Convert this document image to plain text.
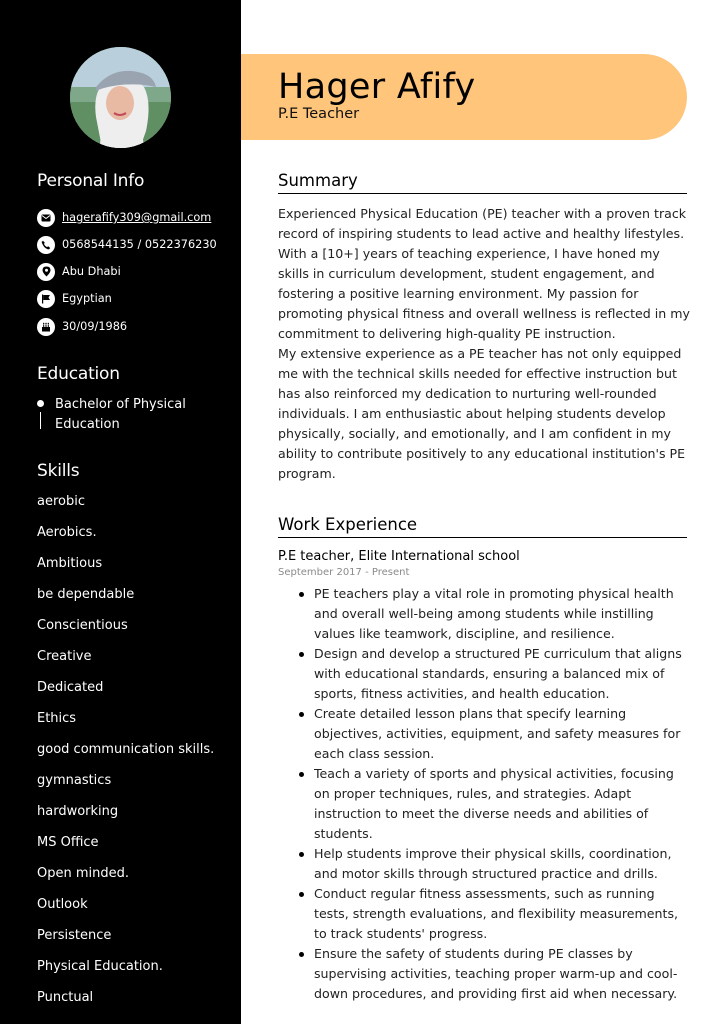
Personal Info
hagerafify309@gmail.com
0568544135 / 0522376230
Abu Dhabi
Egyptian
30/09/1986
Education
Bachelor of Physical Education
Skills
aerobic
Aerobics.
Ambitious
be dependable
Conscientious
Creative
Dedicated
Ethics
good communication skills.
gymnastics
hardworking
MS Office
Open minded.
Outlook
Persistence
Physical Education.
Punctual
Hager Afify
P.E Teacher
Summary

Experienced Physical Education (PE) teacher with a proven track record of inspiring students to lead active and healthy lifestyles. With a [10+] years of teaching experience, I have honed my skills in curriculum development, student engagement, and fostering a positive learning environment. My passion for promoting physical fitness and overall wellness is reflected in my commitment to delivering high-quality PE instruction.

My extensive experience as a PE teacher has not only equipped me with the technical skills needed for effective instruction but has also reinforced my dedication to nurturing well-rounded individuals. I am enthusiastic about helping students develop physically, socially, and emotionally, and I am confident in my ability to contribute positively to any educational institution's PE program.

Work Experience
P.E teacher, Elite International school
September 2017 - Present
PE teachers play a vital role in promoting physical health and overall well-being among students while instilling values like teamwork, discipline, and resilience.
Design and develop a structured PE curriculum that aligns with educational standards, ensuring a balanced mix of sports, fitness activities, and health education.
Create detailed lesson plans that specify learning objectives, activities, equipment, and safety measures for each class session.
Teach a variety of sports and physical activities, focusing on proper techniques, rules, and strategies. Adapt instruction to meet the diverse needs and abilities of students.
Help students improve their physical skills, coordination, and motor skills through structured practice and drills.
Conduct regular fitness assessments, such as running tests, strength evaluations, and flexibility measurements, to track students' progress.
Ensure the safety of students during PE classes by supervising activities, teaching proper warm-up and cool-down procedures, and providing first aid when necessary.
